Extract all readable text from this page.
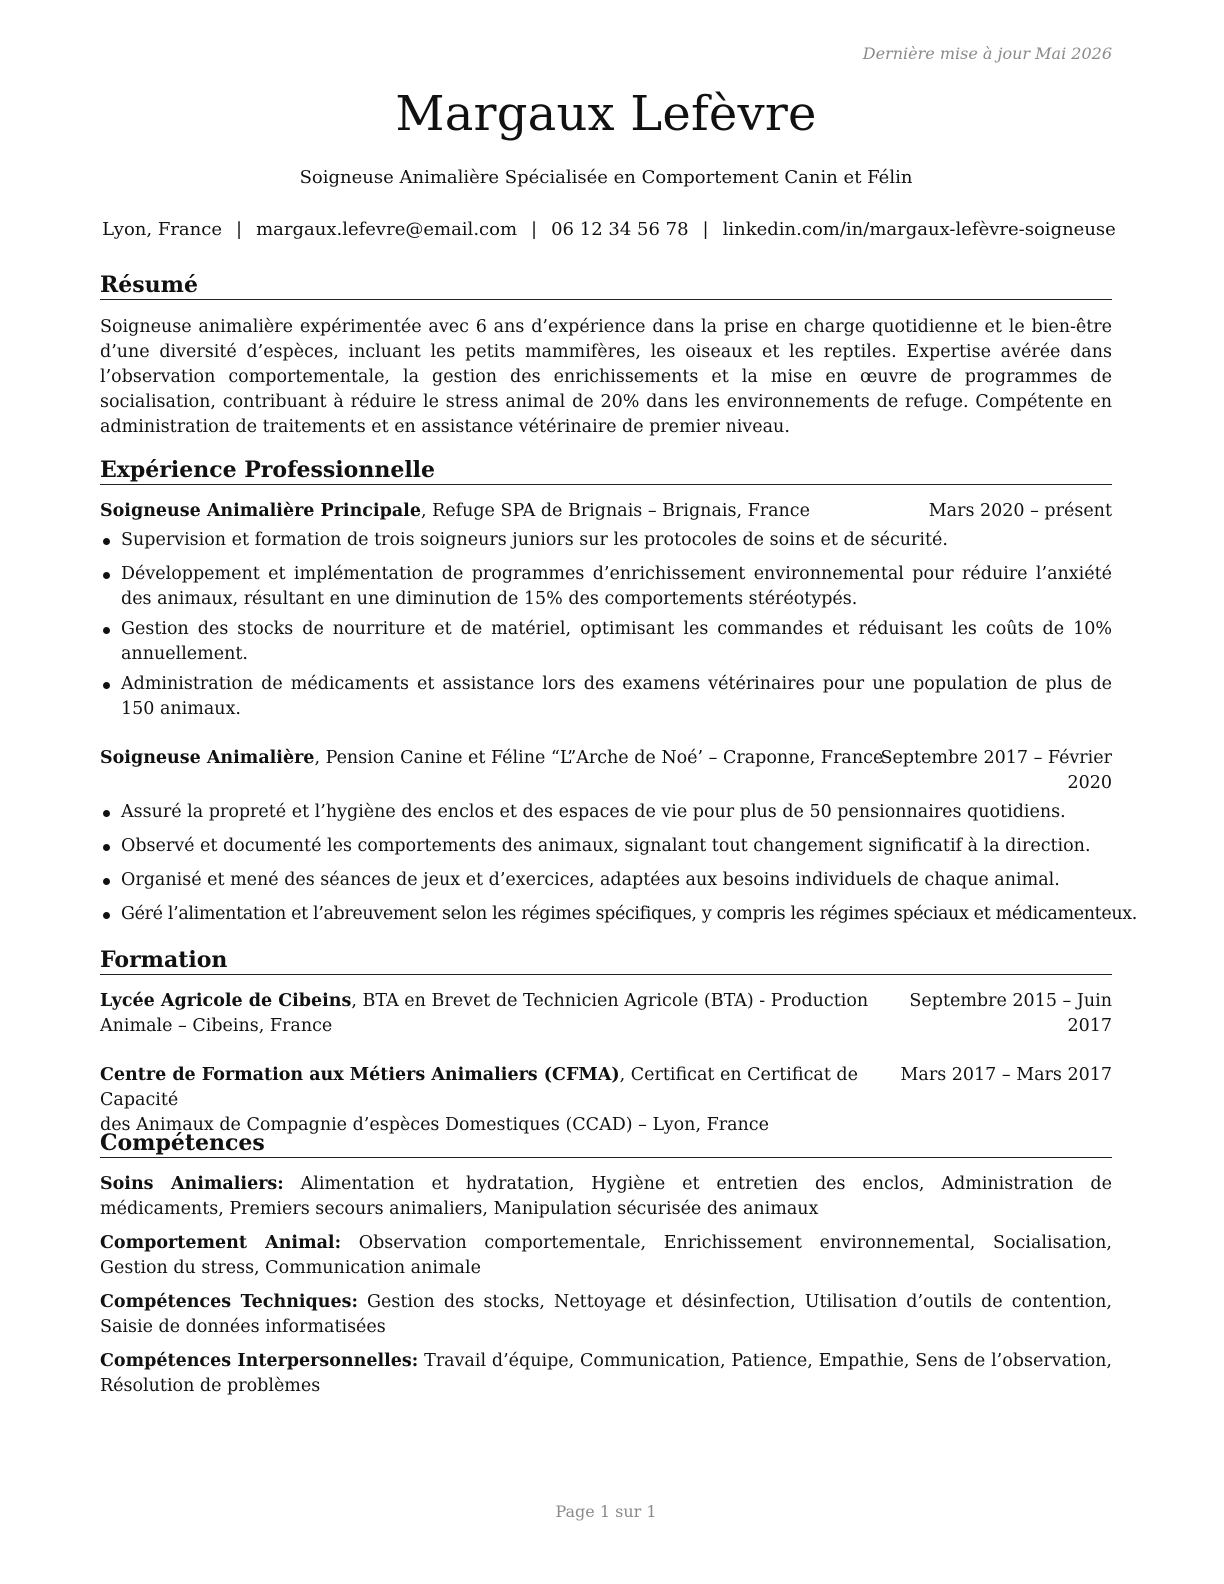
Dernière mise à jour Mai 2026
Margaux Lefèvre
Soigneuse Animalière Spécialisée en Comportement Canin et Félin
Lyon, France | margaux.lefevre@email.com | 06 12 34 56 78 | linkedin.com/in/margaux-lefèvre-soigneuse
Résumé
Soigneuse animalière expérimentée avec 6 ans d’expérience dans la prise en charge quotidienne et le bien-être d’une diversité d’espèces, incluant les petits mammifères, les oiseaux et les reptiles. Expertise avérée dans l’observation comportementale, la gestion des enrichissements et la mise en œuvre de programmes de socialisation, contribuant à réduire le stress animal de 20% dans les environnements de refuge. Compétente en administration de traitements et en assistance vétérinaire de premier niveau.
Expérience Professionnelle
Soigneuse Animalière Principale, Refuge SPA de Brignais – Brignais, France	Mars 2020 – présent
Supervision et formation de trois soigneurs juniors sur les protocoles de soins et de sécurité.
Développement et implémentation de programmes d’enrichissement environnemental pour réduire l’anxiété des animaux, résultant en une diminution de 15% des comportements stéréotypés.
Gestion des stocks de nourriture et de matériel, optimisant les commandes et réduisant les coûts de 10% annuellement.
Administration de médicaments et assistance lors des examens vétérinaires pour une population de plus de 150 animaux.
Soigneuse Animalière, Pension Canine et Féline “L”Arche de Noé’ – Craponne, France
Septembre 2017 – Février
2020
Assuré la propreté et l’hygiène des enclos et des espaces de vie pour plus de 50 pensionnaires quotidiens.
Observé et documenté les comportements des animaux, signalant tout changement significatif à la direction.
Organisé et mené des séances de jeux et d’exercices, adaptées aux besoins individuels de chaque animal.
Géré l’alimentation et l’abreuvement selon les régimes spécifiques, y compris les régimes spéciaux et médicamenteux.
Formation
Lycée Agricole de Cibeins, BTA en Brevet de Technicien Agricole (BTA) - Production
Animale – Cibeins, France
Septembre 2015 – Juin
2017
Centre de Formation aux Métiers Animaliers (CFMA), Certificat en Certificat de Capacité
des Animaux de Compagnie d’espèces Domestiques (CCAD) – Lyon, France
Mars 2017 – Mars 2017
Compétences
Soins Animaliers: Alimentation et hydratation, Hygiène et entretien des enclos, Administration de médicaments, Premiers secours animaliers, Manipulation sécurisée des animaux
Comportement Animal: Observation comportementale, Enrichissement environnemental, Socialisation, Gestion du stress, Communication animale
Compétences Techniques: Gestion des stocks, Nettoyage et désinfection, Utilisation d’outils de contention, Saisie de données informatisées
Compétences Interpersonnelles: Travail d’équipe, Communication, Patience, Empathie, Sens de l’observation, Résolution de problèmes
Page 1 sur 1
